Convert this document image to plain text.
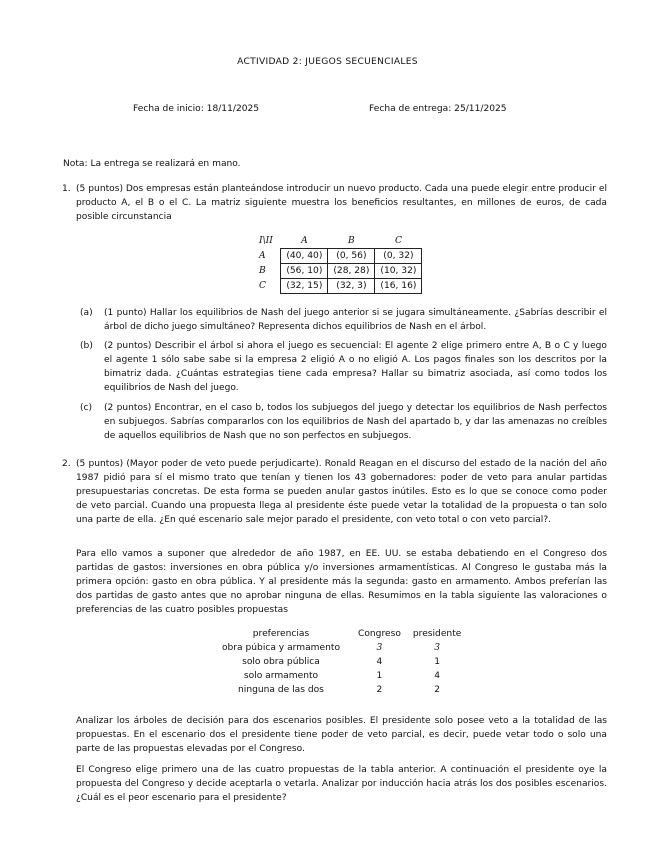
ACTIVIDAD 2: JUEGOS SECUENCIALES
Fecha de inicio: 18/11/2025	Fecha de entrega: 25/11/2025
Nota: La entrega se realizará en mano.
1. (5 puntos) Dos empresas están planteándose introducir un nuevo producto. Cada una puede elegir entre producir el producto A, el B o el C. La matriz siguiente muestra los beneficios resultantes, en millones de euros, de cada posible circunstancia
I\II	A	B	C
A	(40, 40)	(0, 56)	(0, 32)
B	(56, 10)	(28, 28)	(10, 32)
C	(32, 15)	(32, 3)	(16, 16)
(a) (1 punto) Hallar los equilibrios de Nash del juego anterior si se jugara simultáneamente. ¿Sabrías describir el árbol de dicho juego simultáneo? Representa dichos equilibrios de Nash en el árbol.
(b) (2 puntos) Describir el árbol si ahora el juego es secuencial: El agente 2 elige primero entre A, B o C y luego el agente 1 sólo sabe sabe si la empresa 2 eligió A o no eligió A. Los pagos finales son los descritos por la bimatriz dada. ¿Cuántas estrategias tiene cada empresa? Hallar su bimatriz asociada, así como todos los equilibrios de Nash del juego.
(c) (2 puntos) Encontrar, en el caso b, todos los subjuegos del juego y detectar los equilibrios de Nash perfectos en subjuegos. Sabrías compararlos con los equilibrios de Nash del apartado b, y dar las amenazas no creíbles de aquellos equilibrios de Nash que no son perfectos en subjuegos.
2. (5 puntos) (Mayor poder de veto puede perjudicarte). Ronald Reagan en el discurso del estado de la nación del año 1987 pidió para sí el mismo trato que tenían y tienen los 43 gobernadores: poder de veto para anular partidas presupuestarias concretas. De esta forma se pueden anular gastos inútiles. Esto es lo que se conoce como poder de veto parcial. Cuando una propuesta llega al presidente éste puede vetar la totalidad de la propuesta o tan solo una parte de ella. ¿En qué escenario sale mejor parado el presidente, con veto total o con veto parcial?.
Para ello vamos a suponer que alrededor de año 1987, en EE. UU. se estaba debatiendo en el Congreso dos partidas de gastos: inversiones en obra pública y/o inversiones armamentísticas. Al Congreso le gustaba más la primera opción: gasto en obra pública. Y al presidente más la segunda: gasto en armamento. Ambos preferían las dos partidas de gasto antes que no aprobar ninguna de ellas. Resumimos en la tabla siguiente las valoraciones o preferencias de las cuatro posibles propuestas
preferencias	Congreso	presidente
obra púbica y armamento	3	3
solo obra pública	4	1
solo armamento	1	4
ninguna de las dos	2	2
Analizar los árboles de decisión para dos escenarios posibles. El presidente solo posee veto a la totalidad de las propuestas. En el escenario dos el presidente tiene poder de veto parcial, es decir, puede vetar todo o solo una parte de las propuestas elevadas por el Congreso.
El Congreso elige primero una de las cuatro propuestas de la tabla anterior. A continuación el presidente oye la propuesta del Congreso y decide aceptarla o vetarla. Analizar por inducción hacia atrás los dos posibles escenarios. ¿Cuál es el peor escenario para el presidente?
